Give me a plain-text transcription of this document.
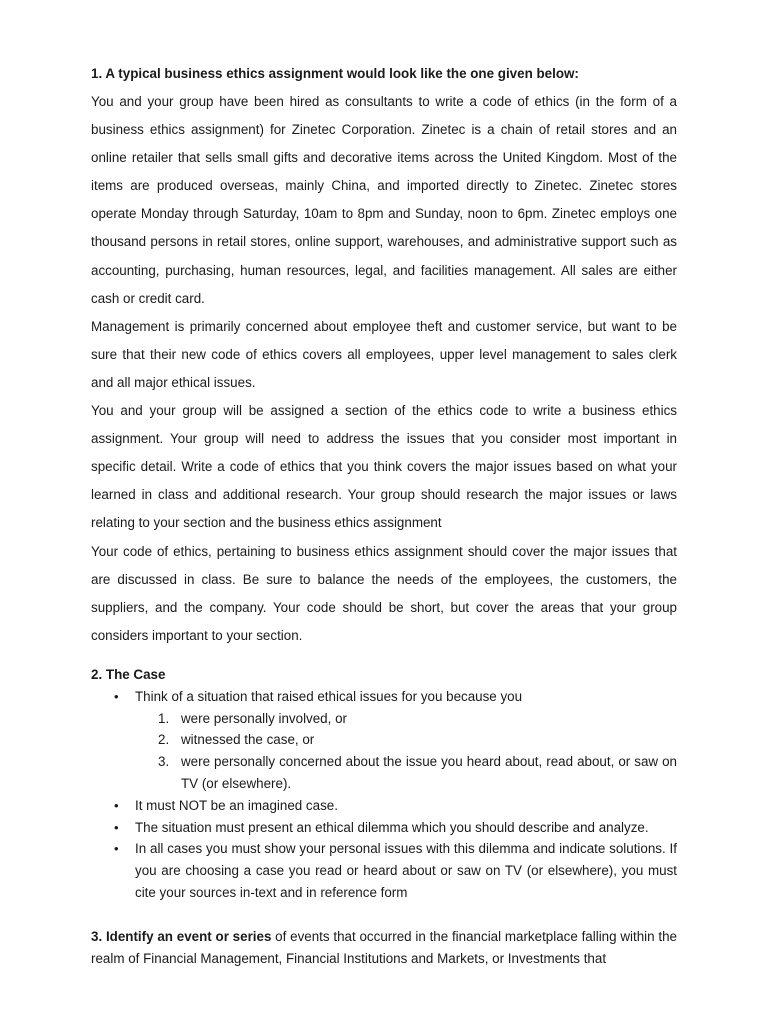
1. A typical business ethics assignment would look like the one given below:

You and your group have been hired as consultants to write a code of ethics (in the form of a business ethics assignment) for Zinetec Corporation. Zinetec is a chain of retail stores and an online retailer that sells small gifts and decorative items across the United Kingdom. Most of the items are produced overseas, mainly China, and imported directly to Zinetec. Zinetec stores operate Monday through Saturday, 10am to 8pm and Sunday, noon to 6pm. Zinetec employs one thousand persons in retail stores, online support, warehouses, and administrative support such as accounting, purchasing, human resources, legal, and facilities management. All sales are either cash or credit card.

Management is primarily concerned about employee theft and customer service, but want to be sure that their new code of ethics covers all employees, upper level management to sales clerk and all major ethical issues.

You and your group will be assigned a section of the ethics code to write a business ethics assignment. Your group will need to address the issues that you consider most important in specific detail. Write a code of ethics that you think covers the major issues based on what your learned in class and additional research. Your group should research the major issues or laws relating to your section and the business ethics assignment

Your code of ethics, pertaining to business ethics assignment should cover the major issues that are discussed in class. Be sure to balance the needs of the employees, the customers, the suppliers, and the company. Your code should be short, but cover the areas that your group considers important to your section.

2. The Case

• Think of a situation that raised ethical issues for you because you
1. were personally involved, or
2. witnessed the case, or
3. were personally concerned about the issue you heard about, read about, or saw on TV (or elsewhere).
• It must NOT be an imagined case.
• The situation must present an ethical dilemma which you should describe and analyze.
• In all cases you must show your personal issues with this dilemma and indicate solutions. If you are choosing a case you read or heard about or saw on TV (or elsewhere), you must cite your sources in-text and in reference form

3. Identify an event or series of events that occurred in the financial marketplace falling within the realm of Financial Management, Financial Institutions and Markets, or Investments that
